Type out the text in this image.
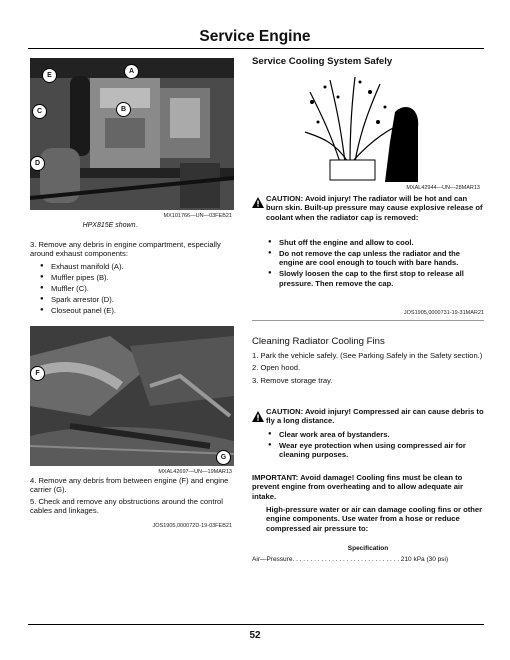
Service Engine
E
A
C	B
D
MX101766—UN—03FEB21
HPX815E shown.
3. Remove any debris in engine compartment, especially around exhaust components:
● Exhaust manifold (A).
● Muffler pipes (B).
● Muffler (C).
● Spark arrestor (D).
● Closeout panel (E).
Service Cooling System Safely
MXAL42944—UN—28MAR13
CAUTION: Avoid injury! The radiator will be hot and can burn skin. Built-up pressure may cause explosive release of coolant when the radiator cap is removed:
● Shut off the engine and allow to cool.
● Do not remove the cap unless the radiator and the engine are cool enough to touch with bare hands.
● Slowly loosen the cap to the first stop to release all pressure. Then remove the cap.
JOS1905,0000731-19-31MAR21
F
G
MXAL42697—UN—19MAR13
4. Remove any debris from between engine (F) and engine carrier (G).
5. Check and remove any obstructions around the control cables and linkages.
JOS1905,000072D-19-03FEB21
Cleaning Radiator Cooling Fins
1. Park the vehicle safely. (See Parking Safely in the Safety section.)
2. Open hood.
3. Remove storage tray.
CAUTION: Avoid injury! Compressed air can cause debris to fly a long distance.
● Clear work area of bystanders.
● Wear eye protection when using compressed air for cleaning purposes.
IMPORTANT: Avoid damage! Cooling fins must be clean to prevent engine from overheating and to allow adequate air intake.
High-pressure water or air can damage cooling fins or other engine components. Use water from a hose or reduce compressed air pressure to:
Specification
Air—Pressure. . . . . . . . . . . . . . . . . . . . . . . . . . . . . . 210 kPa (30 psi)
52
